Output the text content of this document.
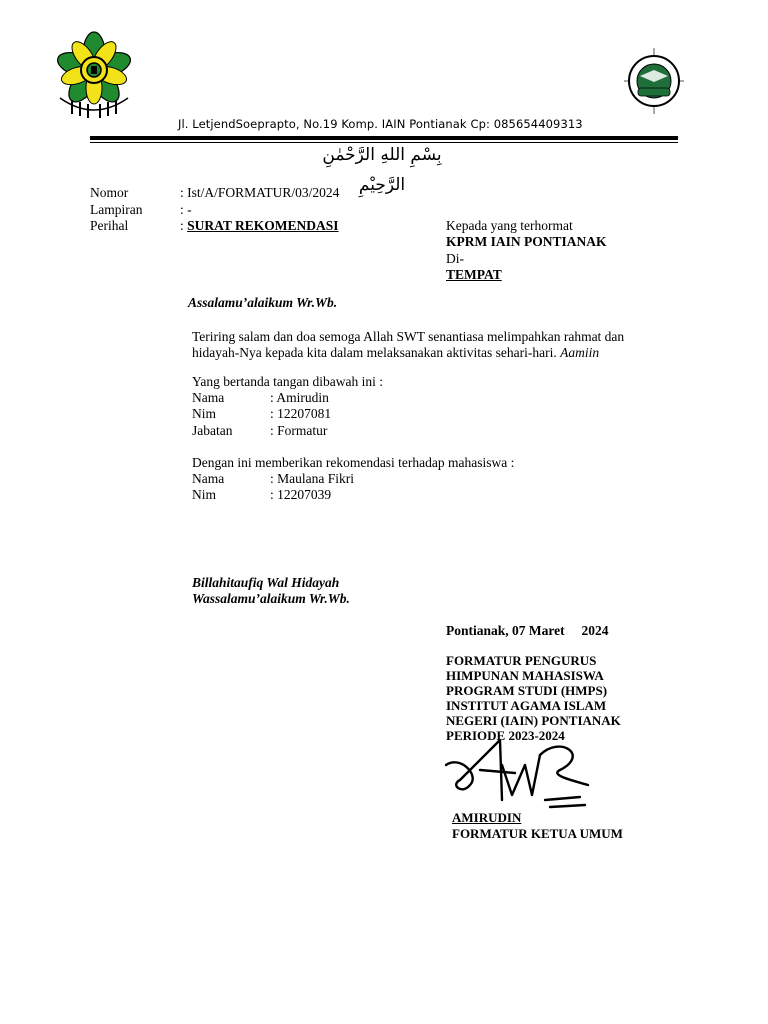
Jl. LetjendSoeprapto, No.19 Komp. IAIN Pontianak Cp: 085654409313
بِسْمِ اللهِ الرَّحْمٰنِ الرَّحِيْمِ
Nomor	: Ist/A/FORMATUR/03/2024
Lampiran	: -
Perihal	: SURAT REKOMENDASI	Kepada yang terhormat
KPRM IAIN PONTIANAK
Di-
TEMPAT
Assalamu’alaikum Wr.Wb.
Teriring salam dan doa semoga Allah SWT senantiasa melimpahkan rahmat dan
hidayah-Nya kepada kita dalam melaksanakan aktivitas sehari-hari. Aamiin
Yang bertanda tangan dibawah ini :
Nama	: Amirudin
Nim	: 12207081
Jabatan	: Formatur
Dengan ini memberikan rekomendasi terhadap mahasiswa :
Nama	: Maulana Fikri
Nim	: 12207039
Billahitaufiq Wal Hidayah
Wassalamu’alaikum Wr.Wb.
Pontianak, 07 Maret 2024
FORMATUR PENGURUS
HIMPUNAN MAHASISWA
PROGRAM STUDI (HMPS)
INSTITUT AGAMA ISLAM
NEGERI (IAIN) PONTIANAK
PERIODE 2023-2024
AMIRUDIN
FORMATUR KETUA UMUM
